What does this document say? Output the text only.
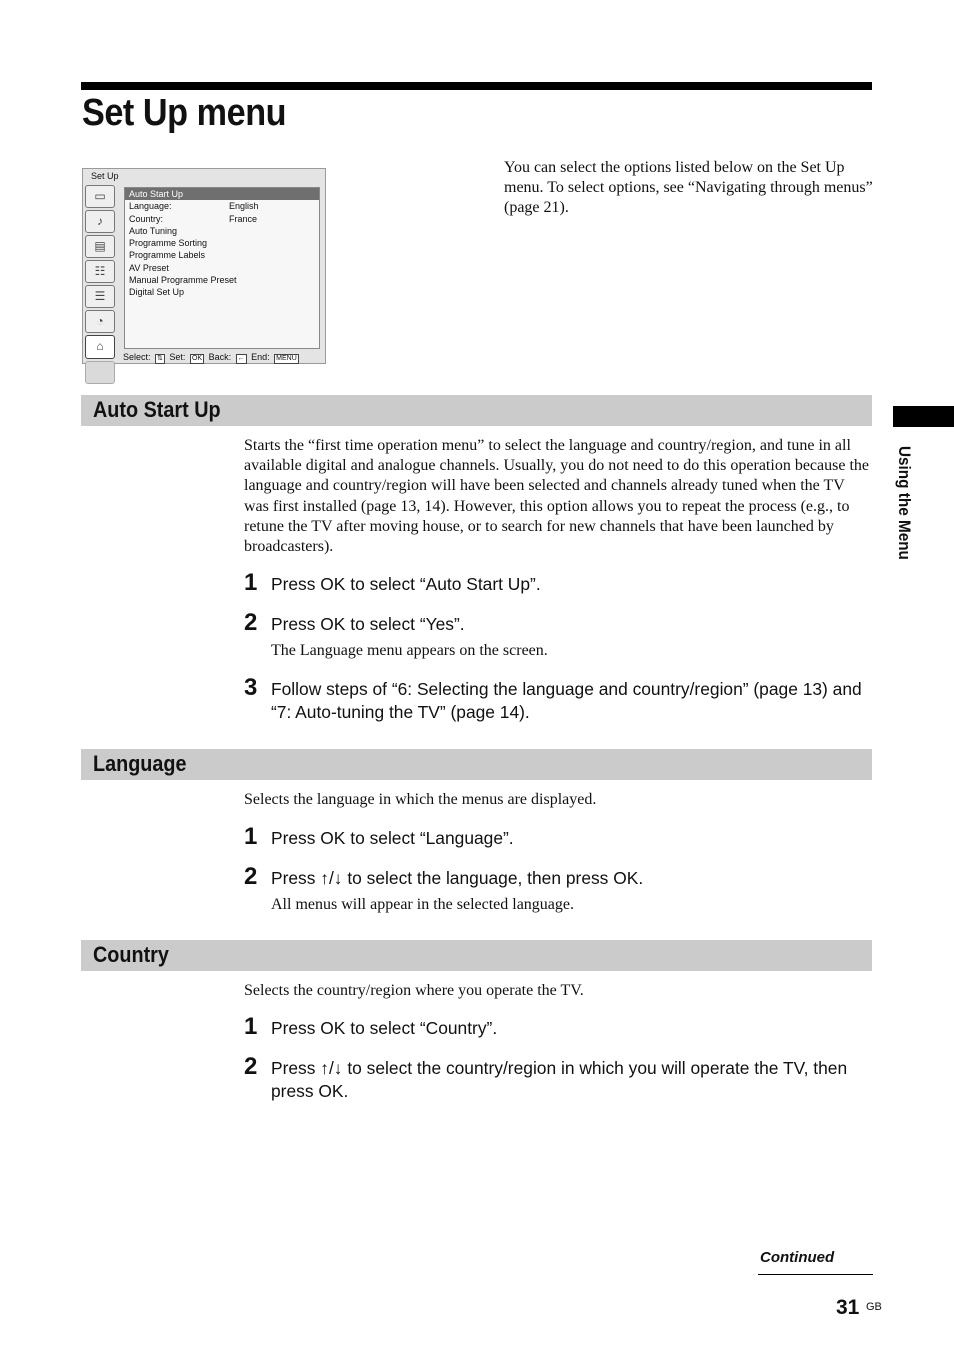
Set Up menu
Set Up
▭
♪
▤
☷
☰
◔
⌂
Auto Start Up
Language:	English
Country:	France
Auto Tuning
Programme Sorting
Programme Labels
AV Preset
Manual Programme Preset
Digital Set Up
Select: ⇅ Set: OK Back: ← End: MENU
You can select the options listed below on the Set Up menu. To select options, see “Navigating through menus” (page 21).
Auto Start Up
Starts the “first time operation menu” to select the language and country/region, and tune in all available digital and analogue channels. Usually, you do not need to do this operation because the language and country/region will have been selected and channels already tuned when the TV was first installed (page 13, 14). However, this option allows you to repeat the process (e.g., to retune the TV after moving house, or to search for new channels that have been launched by broadcasters).
1 Press OK to select “Auto Start Up”.
2 Press OK to select “Yes”.
The Language menu appears on the screen.
3 Follow steps of “6: Selecting the language and country/region” (page 13) and “7: Auto-tuning the TV” (page 14).
Language
Selects the language in which the menus are displayed.
1 Press OK to select “Language”.
2 Press ↑/↓ to select the language, then press OK.
All menus will appear in the selected language.
Country
Selects the country/region where you operate the TV.
1 Press OK to select “Country”.
2 Press ↑/↓ to select the country/region in which you will operate the TV, then press OK.
Using the Menu
Continued
31 GB
